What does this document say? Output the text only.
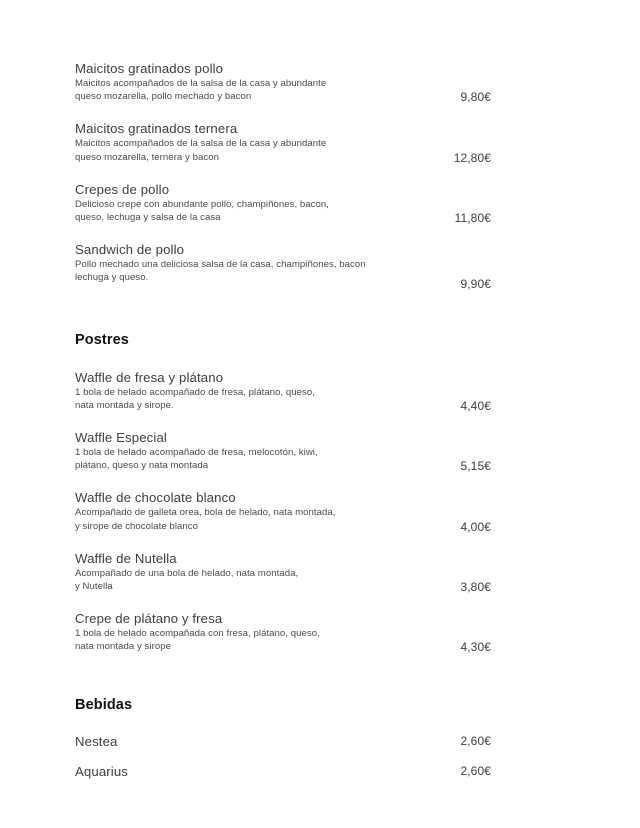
Maicitos gratinados pollo
Maicitos acompañados de la salsa de la casa y abundante
queso mozarella, pollo mechado y bacon	9,80€
Maicitos gratinados ternera
Maicitos acompañados de la salsa de la casa y abundante
queso mozarella, ternera y bacon	12,80€
Crepes de pollo
Delicioso crepe con abundante pollo, champiñones, bacon,
queso, lechuga y salsa de la casa	11,80€
Sandwich de pollo
Pollo mechado una deliciosa salsa de la casa, champiñones, bacon
lechuga y queso.	9,90€
Postres
Waffle de fresa y plátano
1 bola de helado acompañado de fresa, plátano, queso,
nata montada y sirope.	4,40€
Waffle Especial
1 bola de helado acompañado de fresa, melocotón, kiwi,
plátano, queso y nata montada	5,15€
Waffle de chocolate blanco
Acompañado de galleta orea, bola de helado, nata montada,
y sirope de chocolate blanco	4,00€
Waffle de Nutella
Acompañado de una bola de helado, nata montada,
y Nutella	3,80€
Crepe de plátano y fresa
1 bola de helado acompañada con fresa, plátano, queso,
nata montada y sirope	4,30€
Bebidas
Nestea	2,60€
Aquarius	2,60€
